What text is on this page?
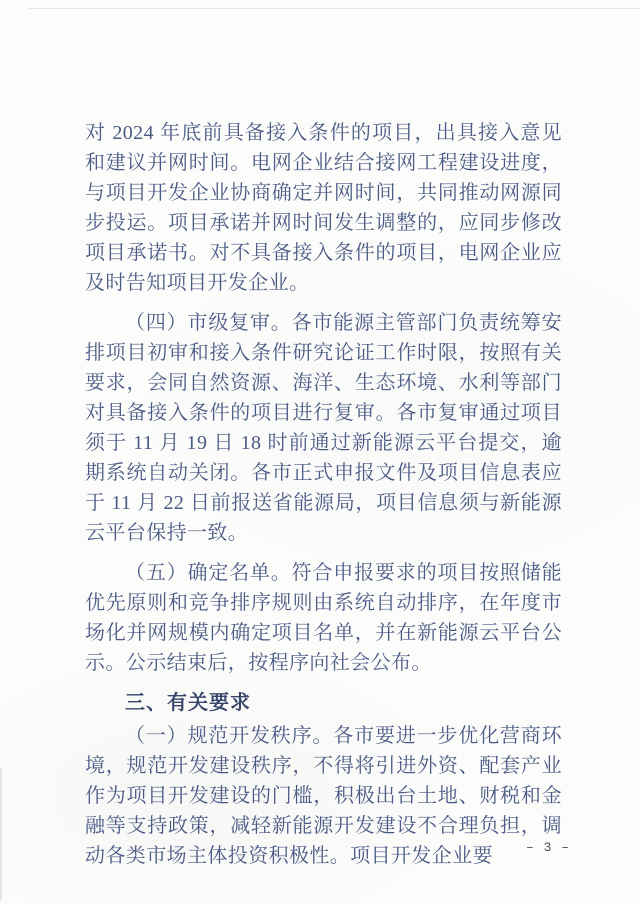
对 2024 年底前具备接入条件的项目，出具接入意见和建议并网时间。电网企业结合接网工程建设进度，与项目开发企业协商确定并网时间，共同推动网源同步投运。项目承诺并网时间发生调整的，应同步修改项目承诺书。对不具备接入条件的项目，电网企业应及时告知项目开发企业。

（四）市级复审。各市能源主管部门负责统筹安排项目初审和接入条件研究论证工作时限，按照有关要求，会同自然资源、海洋、生态环境、水利等部门对具备接入条件的项目进行复审。各市复审通过项目须于 11 月 19 日 18 时前通过新能源云平台提交，逾期系统自动关闭。各市正式申报文件及项目信息表应于 11 月 22 日前报送省能源局，项目信息须与新能源云平台保持一致。

（五）确定名单。符合申报要求的项目按照储能优先原则和竞争排序规则由系统自动排序，在年度市场化并网规模内确定项目名单，并在新能源云平台公示。公示结束后，按程序向社会公布。

三、有关要求

（一）规范开发秩序。各市要进一步优化营商环境，规范开发建设秩序，不得将引进外资、配套产业作为项目开发建设的门槛，积极出台土地、财税和金融等支持政策，减轻新能源开发建设不合理负担，调动各类市场主体投资积极性。项目开发企业要	– 3 –
